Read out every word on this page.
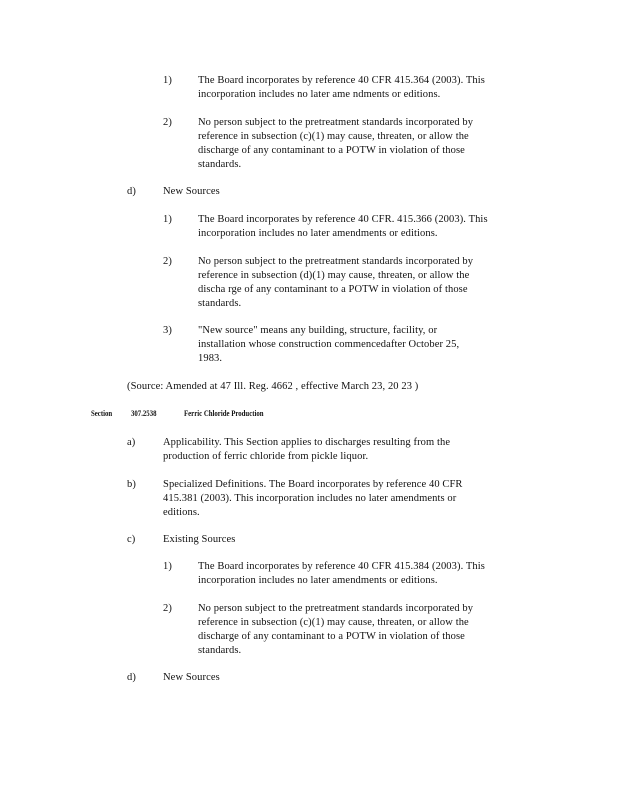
1) The Board incorporates by reference 40 CFR 415.364 (2003). This
incorporation includes no later ame ndments or editions.
2) No person subject to the pretreatment standards incorporated by
reference in subsection (c)(1) may cause, threaten, or allow the
discharge of any contaminant to a POTW in violation of those
standards.
d)	New Sources
1) The Board incorporates by reference 40 CFR. 415.366 (2003). This
incorporation includes no later amendments or editions.
2) No person subject to the pretreatment standards incorporated by
reference in subsection (d)(1) may cause, threaten, or allow the
discha rge of any contaminant to a POTW in violation of those
standards.
3) "New source" means any building, structure, facility, or
installation whose construction commencedafter October 25,
1983.
(Source: Amended at 47 Ill. Reg. 4662 , effective March 23, 20 23 )
Section 307.2538	Ferric Chloride Production
a)	Applicability. This Section applies to discharges resulting from the
production of ferric chloride from pickle liquor.
b)	Specialized Definitions. The Board incorporates by reference 40 CFR
415.381 (2003). This incorporation includes no later amendments or
editions.
c)	Existing Sources
1) The Board incorporates by reference 40 CFR 415.384 (2003). This
incorporation includes no later amendments or editions.
2) No person subject to the pretreatment standards incorporated by
reference in subsection (c)(1) may cause, threaten, or allow the
discharge of any contaminant to a POTW in violation of those
standards.
d)	New Sources
